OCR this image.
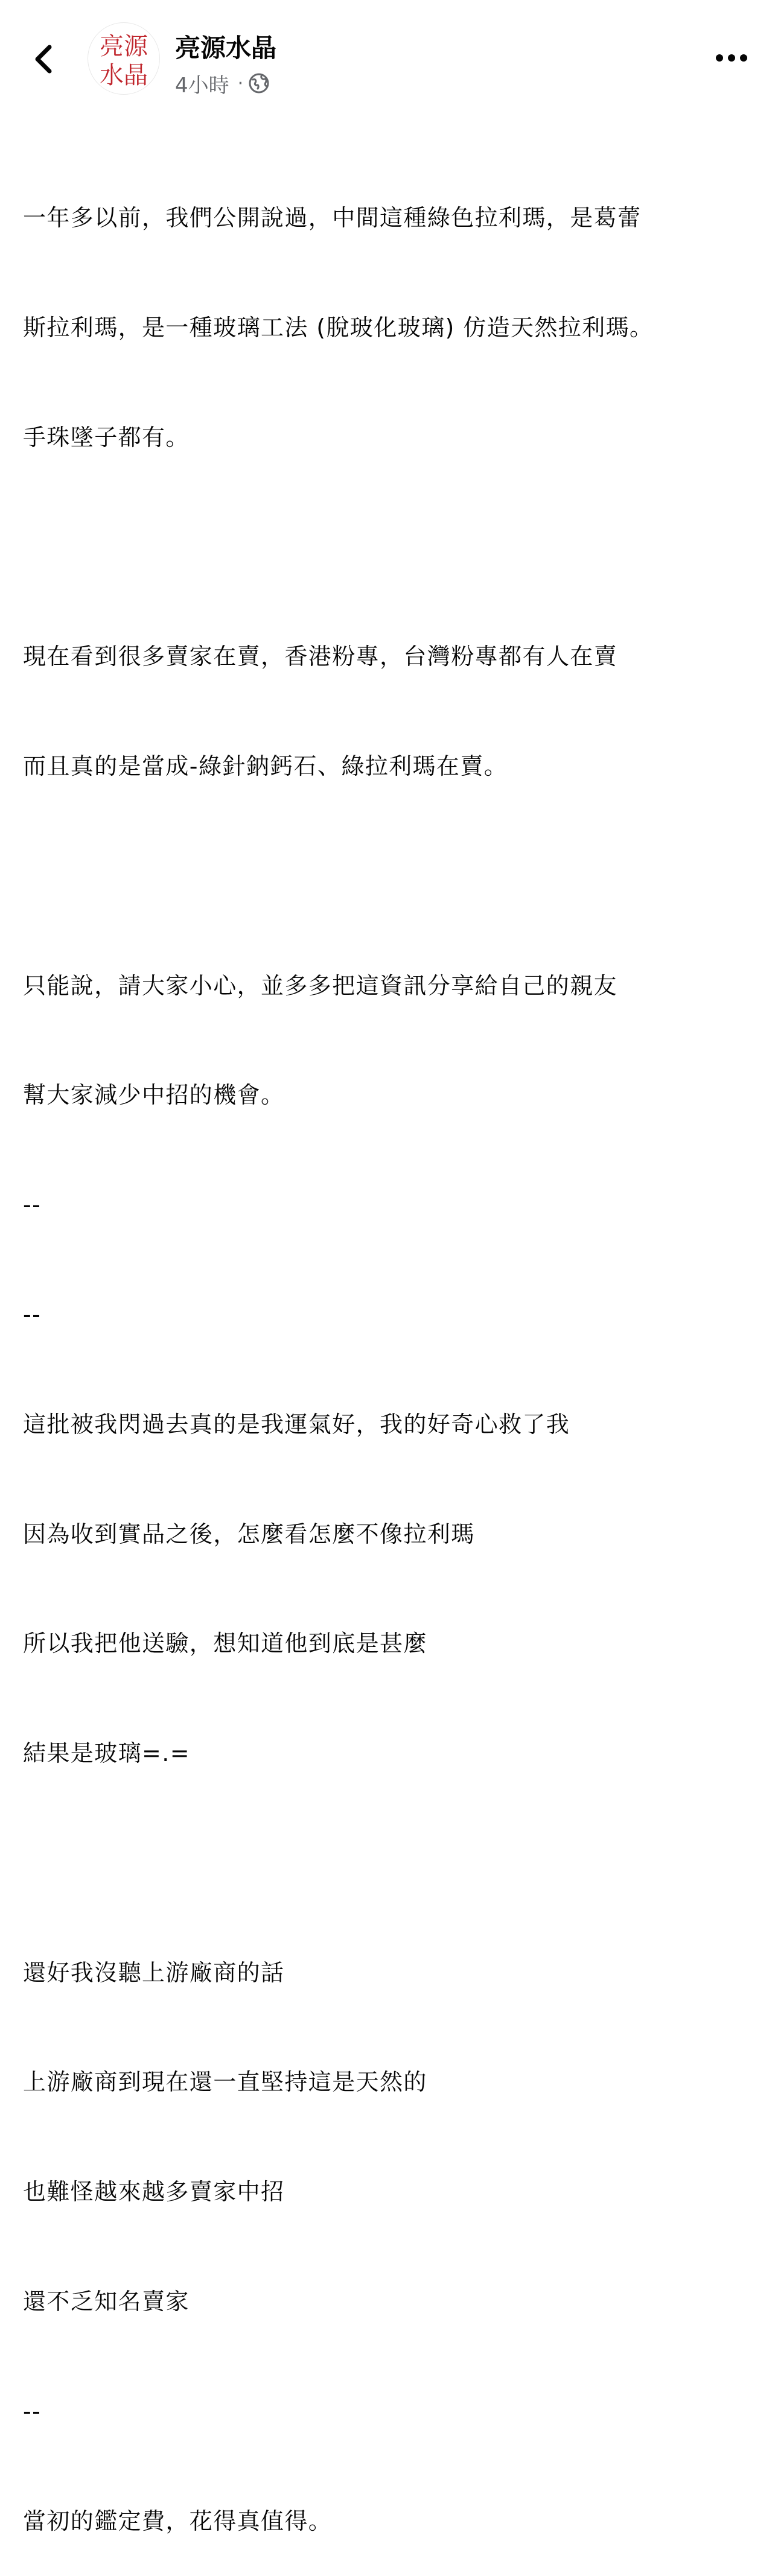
亮源
水晶
亮源水晶
4小時 ·

一年多以前，我們公開說過，中間這種綠色拉利瑪，是葛蕾

斯拉利瑪，是一種玻璃工法 (脫玻化玻璃) 仿造天然拉利瑪。

手珠墜子都有。

現在看到很多賣家在賣，香港粉專，台灣粉專都有人在賣

而且真的是當成-綠針鈉鈣石、綠拉利瑪在賣。

只能說，請大家小心，並多多把這資訊分享給自己的親友

幫大家減少中招的機會。

--

--

這批被我閃過去真的是我運氣好，我的好奇心救了我

因為收到實品之後，怎麼看怎麼不像拉利瑪

所以我把他送驗，想知道他到底是甚麼

結果是玻璃=.=

還好我沒聽上游廠商的話

上游廠商到現在還一直堅持這是天然的

也難怪越來越多賣家中招

還不乏知名賣家

--

當初的鑑定費，花得真值得。
